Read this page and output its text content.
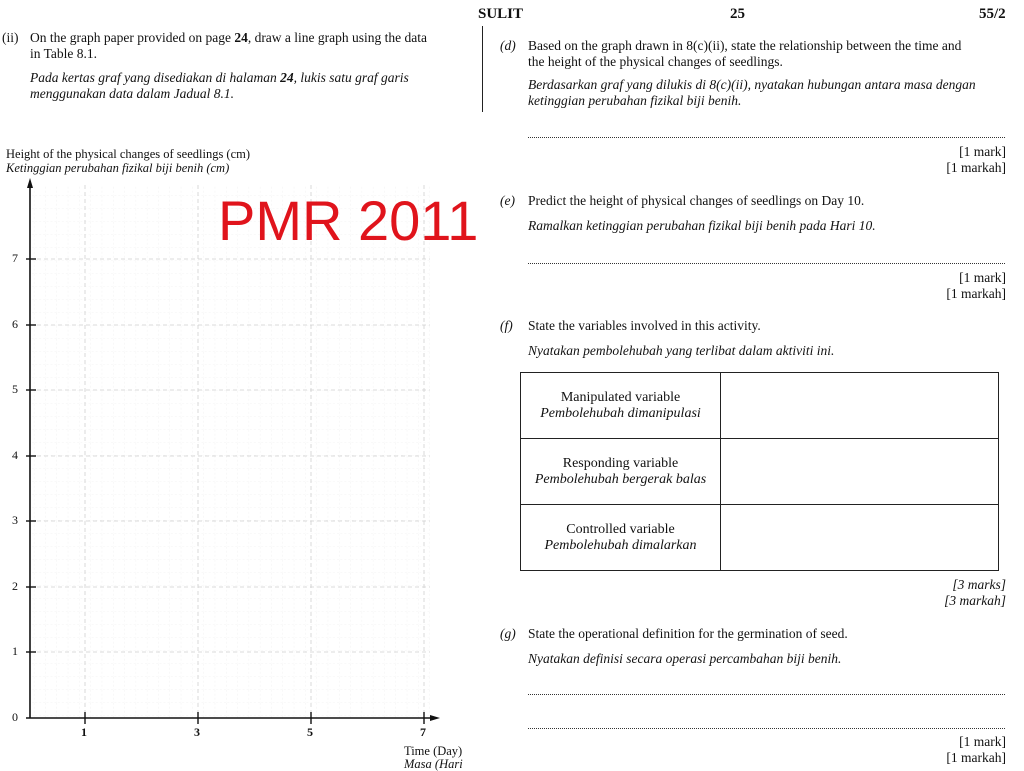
SULIT	25	55/2
(ii) On the graph paper provided on page 24, draw a line graph using the data
in Table 8.1.
Pada kertas graf yang disediakan di halaman 24, lukis satu graf garis
menggunakan data dalam Jadual 8.1.
Height of the physical changes of seedlings (cm)
Ketinggian perubahan fizikal biji benih (cm)
0
1
2
3
4
5
6
7
1	3	5	7
Time (Day)
Masa (Hari
PMR 2011
(d) Based on the graph drawn in 8(c)(ii), state the relationship between the time and
the height of the physical changes of seedlings.
Berdasarkan graf yang dilukis di 8(c)(ii), nyatakan hubungan antara masa dengan
ketinggian perubahan fizikal biji benih.
[1 mark]
[1 markah]
(e) Predict the height of physical changes of seedlings on Day 10.
Ramalkan ketinggian perubahan fizikal biji benih pada Hari 10.
[1 mark]
[1 markah]
(f) State the variables involved in this activity.
Nyatakan pembolehubah yang terlibat dalam aktiviti ini.
Manipulated variable
Pembolehubah dimanipulasi	

Responding variable
Pembolehubah bergerak balas	

Controlled variable
Pembolehubah dimalarkan	

[3 marks]
[3 markah]
(g) State the operational definition for the germination of seed.
Nyatakan definisi secara operasi percambahan biji benih.
[1 mark]
[1 markah]
